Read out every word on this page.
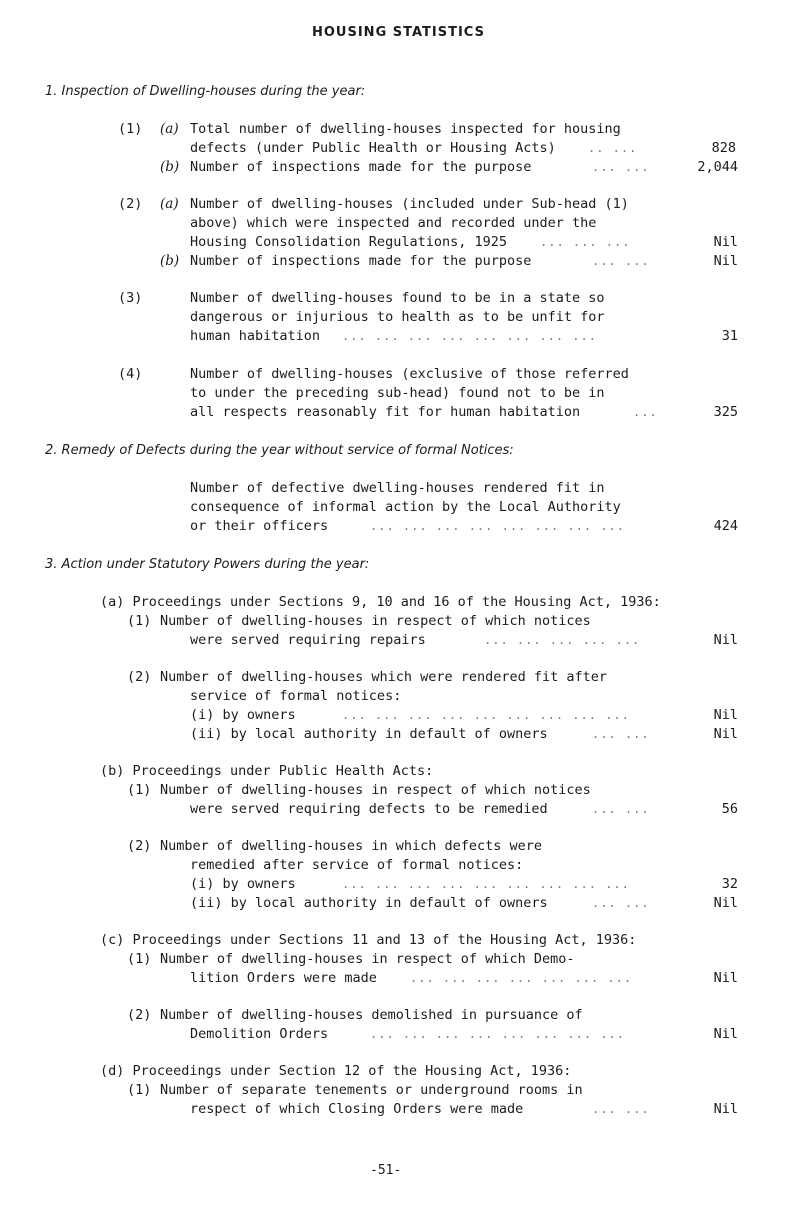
HOUSING STATISTICS
1. Inspection of Dwelling-houses during the year:
(1) (a) Total number of dwelling-houses inspected for housing
defects (under Public Health or Housing Acts)	.. ...	828
(b) Number of inspections made for the purpose	... ...	2,044
(2) (a) Number of dwelling-houses (included under Sub-head (1)
above) which were inspected and recorded under the
Housing Consolidation Regulations, 1925	... ... ...	Nil
(b) Number of inspections made for the purpose	... ...	Nil
(3)	Number of dwelling-houses found to be in a state so
dangerous or injurious to health as to be unfit for
human habitation ... ... ... ... ... ... ... ...	31
(4)	Number of dwelling-houses (exclusive of those referred
to under the preceding sub-head) found not to be in
all respects reasonably fit for human habitation	...	325
2. Remedy of Defects during the year without service of formal Notices:
Number of defective dwelling-houses rendered fit in
consequence of informal action by the Local Authority
or their officers	... ... ... ... ... ... ... ...	424
3. Action under Statutory Powers during the year:
(a) Proceedings under Sections 9, 10 and 16 of the Housing Act, 1936:
(1) Number of dwelling-houses in respect of which notices
were served requiring repairs	... ... ... ... ...	Nil
(2) Number of dwelling-houses which were rendered fit after
service of formal notices:
(i) by owners	... ... ... ... ... ... ... ... ...	Nil
(ii) by local authority in default of owners	... ...	Nil
(b) Proceedings under Public Health Acts:
(1) Number of dwelling-houses in respect of which notices
were served requiring defects to be remedied	... ...	56
(2) Number of dwelling-houses in which defects were
remedied after service of formal notices:
(i) by owners	... ... ... ... ... ... ... ... ...	32
(ii) by local authority in default of owners	... ...	Nil
(c) Proceedings under Sections 11 and 13 of the Housing Act, 1936:
(1) Number of dwelling-houses in respect of which Demo-
lition Orders were made	... ... ... ... ... ... ...	Nil
(2) Number of dwelling-houses demolished in pursuance of
Demolition Orders	... ... ... ... ... ... ... ...	Nil
(d) Proceedings under Section 12 of the Housing Act, 1936:
(1) Number of separate tenements or underground rooms in
respect of which Closing Orders were made	... ...	Nil
-51-
